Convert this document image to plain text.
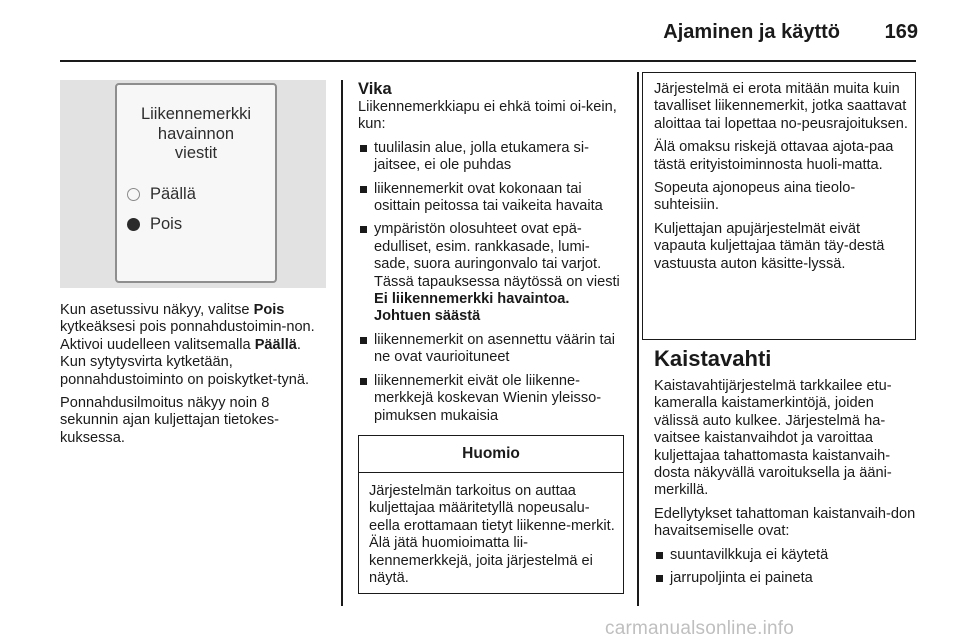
Ajaminen ja käyttö 169
Liikennemerkki
havainnon
viestit
Päällä
Pois

Kun asetussivu näkyy, valitse Pois kytkeäksesi pois ponnahdustoimin-non. Aktivoi uudelleen valitsemalla Päällä. Kun sytytysvirta kytketään, ponnahdustoiminto on poiskytket-tynä.

Ponnahdusilmoitus näkyy noin 8 sekunnin ajan kuljettajan tietokes-kuksessa.

Vika

Liikennemerkkiapu ei ehkä toimi oi-kein, kun:

tuulilasin alue, jolla etukamera si-jaitsee, ei ole puhdas
liikennemerkit ovat kokonaan tai osittain peitossa tai vaikeita havaita
ympäristön olosuhteet ovat epä-edulliset, esim. rankkasade, lumi-sade, suora auringonvalo tai varjot. Tässä tapauksessa näytössä on viesti Ei liikennemerkki havaintoa. Johtuen säästä
liikennemerkit on asennettu väärin tai ne ovat vaurioituneet
liikennemerkit eivät ole liikenne-merkkejä koskevan Wienin yleisso-pimuksen mukaisia
Huomio
Järjestelmän tarkoitus on auttaa kuljettajaa määritetyllä nopeusalu-eella erottamaan tietyt liikenne-merkit. Älä jätä huomioimatta lii-kennemerkkejä, joita järjestelmä ei näytä.

Järjestelmä ei erota mitään muita kuin tavalliset liikennemerkit, jotka saattavat aloittaa tai lopettaa no-peusrajoituksen.

Älä omaksu riskejä ottavaa ajota-paa tästä erityistoiminnosta huoli-matta.

Sopeuta ajonopeus aina tieolo-suhteisiin.

Kuljettajan apujärjestelmät eivät vapauta kuljettajaa tämän täy-destä vastuusta auton käsitte-lyssä.

Kaistavahti

Kaistavahtijärjestelmä tarkkailee etu-kameralla kaistamerkintöjä, joiden välissä auto kulkee. Järjestelmä ha-vaitsee kaistanvaihdot ja varoittaa kuljettajaa tahattomasta kaistanvaih-dosta näkyvällä varoituksella ja ääni-merkillä.

Edellytykset tahattoman kaistanvaih-don havaitsemiselle ovat:

suuntavilkkuja ei käytetä
jarrupoljinta ei paineta
carmanualsonline.info
